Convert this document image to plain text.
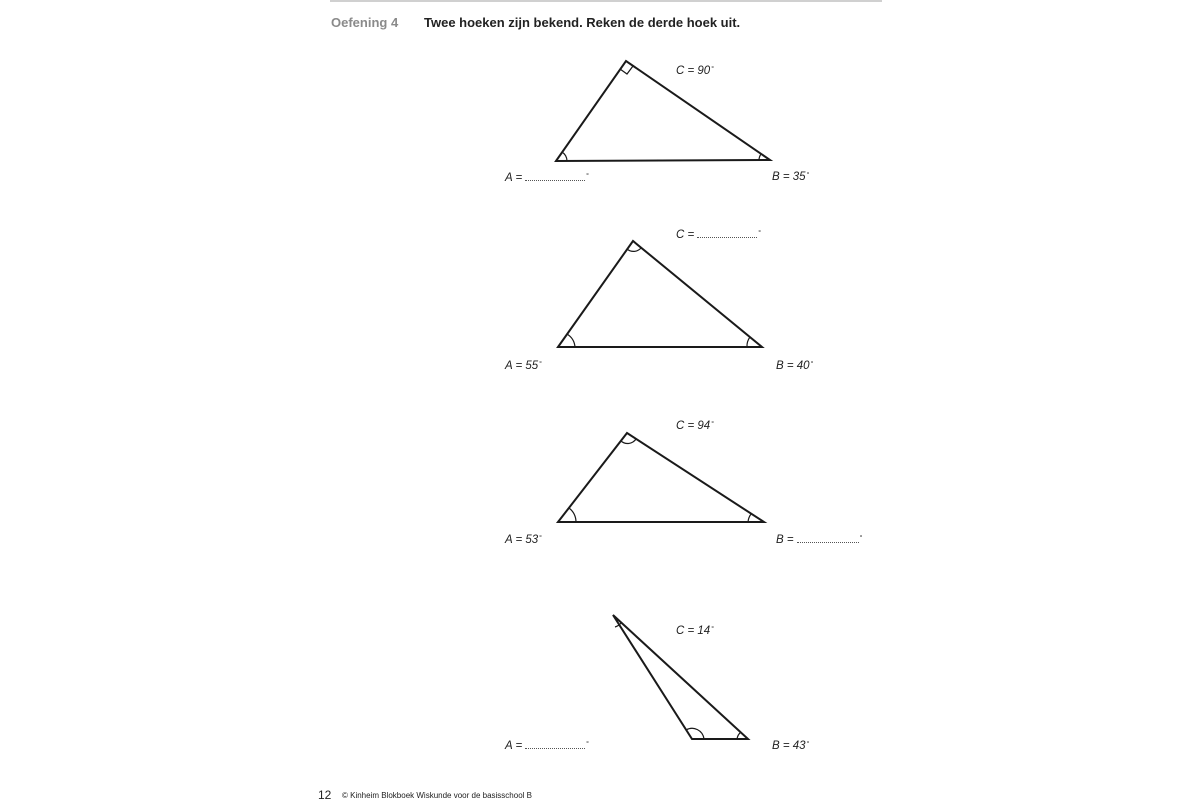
Oefening 4 Twee hoeken zijn bekend. Reken de derde hoek uit.
C = 90°
A =	°	B = 35°
C =	°
A = 55°	B = 40°
C = 94°
A = 53°	B =	°
C = 14°
A =	°	B = 43°
12 © Kinheim Blokboek Wiskunde voor de basisschool B
